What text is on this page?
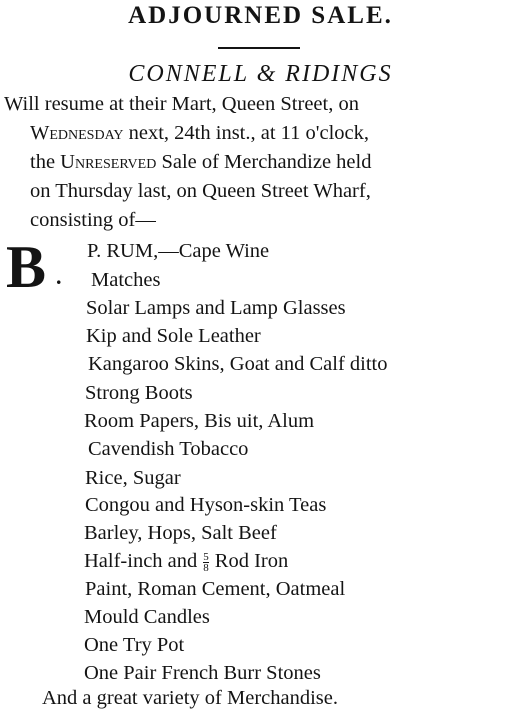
ADJOURNED SALE.
CONNELL & RIDINGS
Will resume at their Mart, Queen Street, on
Wednesday next, 24th inst., at 11 o'clock,
the Unreserved Sale of Merchandize held
on Thursday last, on Queen Street Wharf,
consisting of—
B .
P. RUM,—Cape Wine
Matches
Solar Lamps and Lamp Glasses
Kip and Sole Leather
Kangaroo Skins, Goat and Calf ditto
Strong Boots
Room Papers, Bis uit, Alum
Cavendish Tobacco
Rice, Sugar
Congou and Hyson-skin Teas
Barley, Hops, Salt Beef
Half-inch and $\frac{5}{8}$ Rod Iron
Paint, Roman Cement, Oatmeal
Mould Candles
One Try Pot
One Pair French Burr Stones
And a great variety of Merchandise.
